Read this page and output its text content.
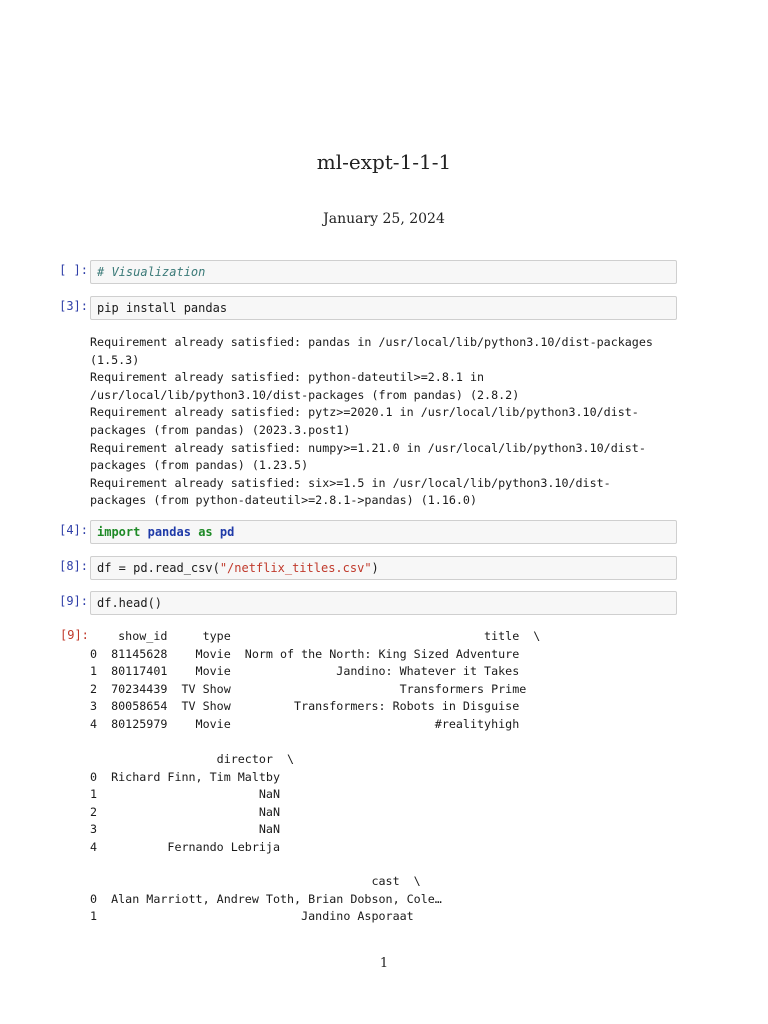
ml-expt-1-1-1
January 25, 2024
[ ]: # Visualization
[3]: pip install pandas
Requirement already satisfied: pandas in /usr/local/lib/python3.10/dist-packages
(1.5.3)
Requirement already satisfied: python-dateutil>=2.8.1 in
/usr/local/lib/python3.10/dist-packages (from pandas) (2.8.2)
Requirement already satisfied: pytz>=2020.1 in /usr/local/lib/python3.10/dist-
packages (from pandas) (2023.3.post1)
Requirement already satisfied: numpy>=1.21.0 in /usr/local/lib/python3.10/dist-
packages (from pandas) (1.23.5)
Requirement already satisfied: six>=1.5 in /usr/local/lib/python3.10/dist-
packages (from python-dateutil>=2.8.1->pandas) (1.16.0)
[4]: import pandas as pd
[8]: df = pd.read_csv("/netflix_titles.csv")
[9]: df.head()
[9]:	show_id     type                                    title  \
0  81145628    Movie  Norm of the North: King Sized Adventure
1  80117401    Movie               Jandino: Whatever it Takes
2  70234439  TV Show                        Transformers Prime
3  80058654  TV Show         Transformers: Robots in Disguise
4  80125979    Movie                             #realityhigh
director  \
0  Richard Finn, Tim Maltby
1                       NaN
2                       NaN
3                       NaN
4          Fernando Lebrija
cast  \
0  Alan Marriott, Andrew Toth, Brian Dobson, Cole…
1                             Jandino Asporaat
1
